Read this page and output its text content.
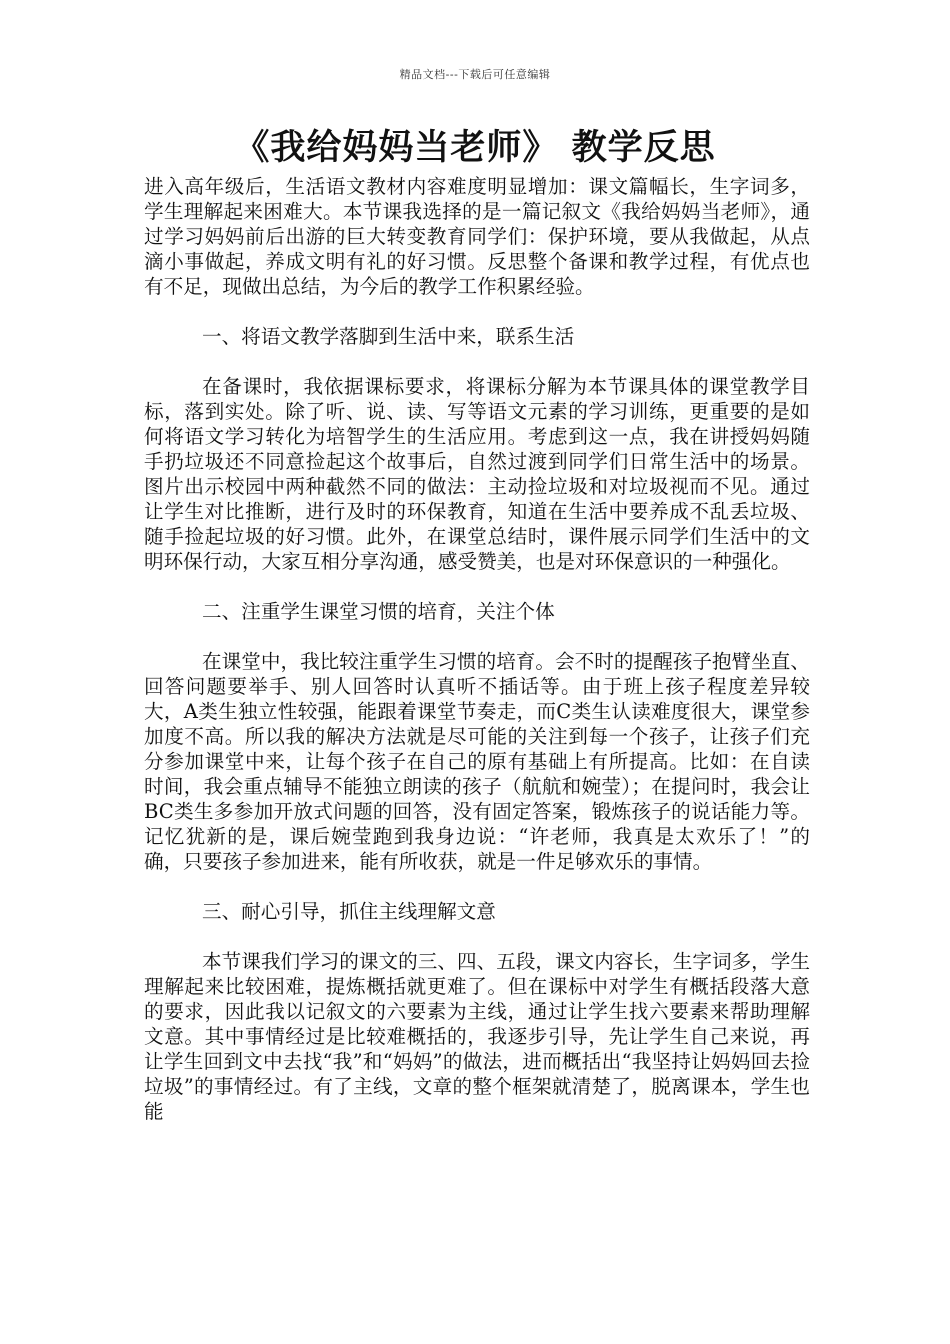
精品文档---下载后可任意编辑
《我给妈妈当老师》 教学反思

进入高年级后，生活语文教材内容难度明显增加：课文篇幅长，生字词多，学生理解起来困难大。本节课我选择的是一篇记叙文《我给妈妈当老师》，通过学习妈妈前后出游的巨大转变教育同学们：保护环境，要从我做起，从点滴小事做起，养成文明有礼的好习惯。反思整个备课和教学过程，有优点也有不足，现做出总结，为今后的教学工作积累经验。

一、将语文教学落脚到生活中来，联系生活

在备课时，我依据课标要求，将课标分解为本节课具体的课堂教学目标，落到实处。除了听、说、读、写等语文元素的学习训练，更重要的是如何将语文学习转化为培智学生的生活应用。考虑到这一点，我在讲授妈妈随手扔垃圾还不同意捡起这个故事后，自然过渡到同学们日常生活中的场景。图片出示校园中两种截然不同的做法：主动捡垃圾和对垃圾视而不见。通过让学生对比推断，进行及时的环保教育，知道在生活中要养成不乱丢垃圾、随手捡起垃圾的好习惯。此外，在课堂总结时，课件展示同学们生活中的文明环保行动，大家互相分享沟通，感受赞美，也是对环保意识的一种强化。

二、注重学生课堂习惯的培育，关注个体

在课堂中，我比较注重学生习惯的培育。会不时的提醒孩子抱臂坐直、回答问题要举手、别人回答时认真听不插话等。由于班上孩子程度差异较大，A类生独立性较强，能跟着课堂节奏走，而C类生认读难度很大，课堂参加度不高。所以我的解决方法就是尽可能的关注到每一个孩子，让孩子们充分参加课堂中来，让每个孩子在自己的原有基础上有所提高。比如：在自读时间，我会重点辅导不能独立朗读的孩子（航航和婉莹）；在提问时，我会让BC类生多参加开放式问题的回答，没有固定答案，锻炼孩子的说话能力等。记忆犹新的是，课后婉莹跑到我身边说：“许老师，我真是太欢乐了！”的确，只要孩子参加进来，能有所收获，就是一件足够欢乐的事情。

三、耐心引导，抓住主线理解文意

本节课我们学习的课文的三、四、五段，课文内容长，生字词多，学生理解起来比较困难，提炼概括就更难了。但在课标中对学生有概括段落大意的要求，因此我以记叙文的六要素为主线，通过让学生找六要素来帮助理解文意。其中事情经过是比较难概括的，我逐步引导，先让学生自己来说，再让学生回到文中去找“我”和“妈妈”的做法，进而概括出“我坚持让妈妈回去捡垃圾”的事情经过。有了主线，文章的整个框架就清楚了，脱离课本，学生也能
